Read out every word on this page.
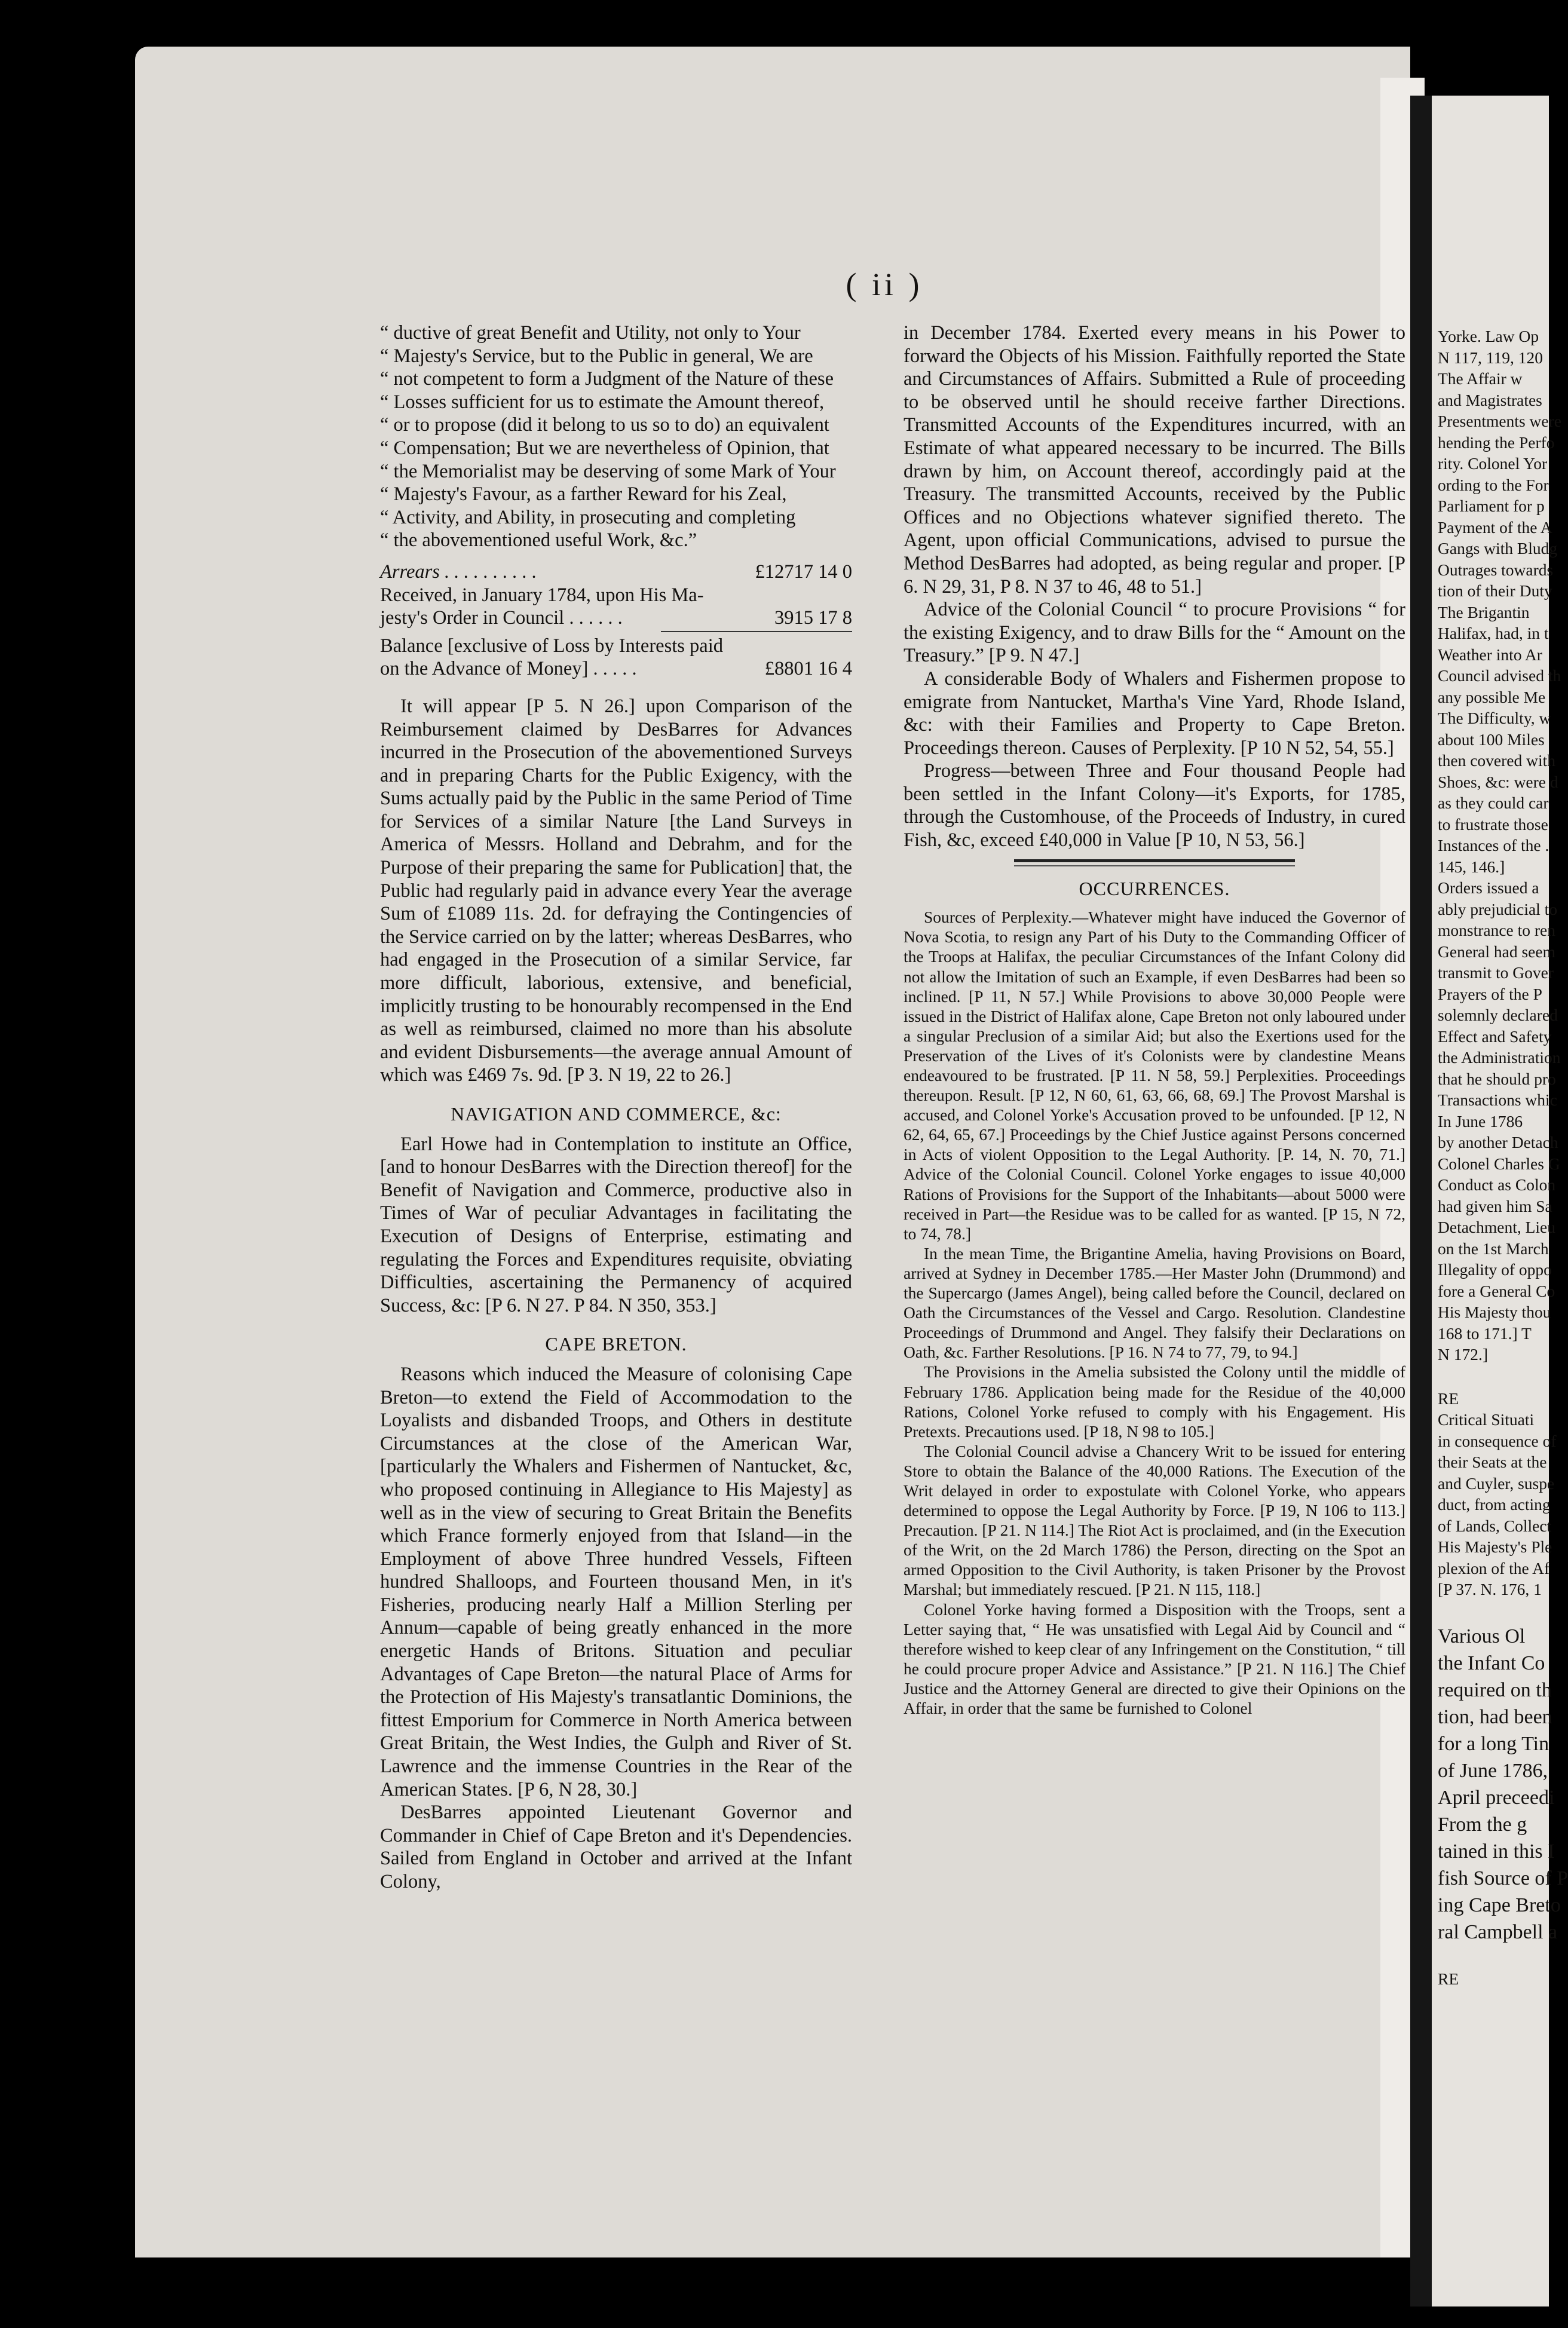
( ii )

“ ductive of great Benefit and Utility, not only to Your

“ Majesty's Service, but to the Public in general, We are

“ not competent to form a Judgment of the Nature of these

“ Losses sufficient for us to estimate the Amount thereof,

“ or to propose (did it belong to us so to do) an equivalent

“ Compensation; But we are nevertheless of Opinion, that

“ the Memorialist may be deserving of some Mark of Your

“ Majesty's Favour, as a farther Reward for his Zeal,

“ Activity, and Ability, in prosecuting and completing

“ the abovementioned useful Work, &c.”

Arrears . . . . . . . . . .	£12717 14 0
Received, in January 1784, upon His Ma-
jesty's Order in Council . . . . . .	3915 17 8
Balance [exclusive of Loss by Interests paid
on the Advance of Money] . . . . .	£8801 16 4

It will appear [P 5. N 26.] upon Comparison of the Reimbursement claimed by DesBarres for Advances incurred in the Prosecution of the abovementioned Surveys and in preparing Charts for the Public Exigency, with the Sums actually paid by the Public in the same Period of Time for Services of a similar Nature [the Land Surveys in America of Messrs. Holland and Debrahm, and for the Purpose of their preparing the same for Publication] that, the Public had regularly paid in advance every Year the average Sum of £1089 11s. 2d. for defraying the Contingencies of the Service carried on by the latter; whereas DesBarres, who had engaged in the Prosecution of a similar Service, far more difficult, laborious, extensive, and beneficial, implicitly trusting to be honourably recompensed in the End as well as reimbursed, claimed no more than his absolute and evident Disbursements—the average annual Amount of which was £469 7s. 9d. [P 3. N 19, 22 to 26.]

NAVIGATION AND COMMERCE, &c:

Earl Howe had in Contemplation to institute an Office, [and to honour DesBarres with the Direction thereof] for the Benefit of Navigation and Commerce, productive also in Times of War of peculiar Advantages in facilitating the Execution of Designs of Enterprise, estimating and regulating the Forces and Expenditures requisite, obviating Difficulties, ascertaining the Permanency of acquired Success, &c: [P 6. N 27. P 84. N 350, 353.]

CAPE BRETON.

Reasons which induced the Measure of colonising Cape Breton—to extend the Field of Accommodation to the Loyalists and disbanded Troops, and Others in destitute Circumstances at the close of the American War, [particularly the Whalers and Fishermen of Nantucket, &c, who proposed continuing in Allegiance to His Majesty] as well as in the view of securing to Great Britain the Benefits which France formerly enjoyed from that Island—in the Employment of above Three hundred Vessels, Fifteen hundred Shalloops, and Fourteen thousand Men, in it's Fisheries, producing nearly Half a Million Sterling per Annum—capable of being greatly enhanced in the more energetic Hands of Britons. Situation and peculiar Advantages of Cape Breton—the natural Place of Arms for the Protection of His Majesty's transatlantic Dominions, the fittest Emporium for Commerce in North America between Great Britain, the West Indies, the Gulph and River of St. Lawrence and the immense Countries in the Rear of the American States. [P 6, N 28, 30.]

DesBarres appointed Lieutenant Governor and Commander in Chief of Cape Breton and it's Dependencies. Sailed from England in October and arrived at the Infant Colony,

in December 1784. Exerted every means in his Power to forward the Objects of his Mission. Faithfully reported the State and Circumstances of Affairs. Submitted a Rule of proceeding to be observed until he should receive farther Directions. Transmitted Accounts of the Expenditures incurred, with an Estimate of what appeared necessary to be incurred. The Bills drawn by him, on Account thereof, accordingly paid at the Treasury. The transmitted Accounts, received by the Public Offices and no Objections whatever signified thereto. The Agent, upon official Communications, advised to pursue the Method DesBarres had adopted, as being regular and proper. [P 6. N 29, 31, P 8. N 37 to 46, 48 to 51.]

Advice of the Colonial Council “ to procure Provisions “ for the existing Exigency, and to draw Bills for the “ Amount on the Treasury.” [P 9. N 47.]

A considerable Body of Whalers and Fishermen propose to emigrate from Nantucket, Martha's Vine Yard, Rhode Island, &c: with their Families and Property to Cape Breton. Proceedings thereon. Causes of Perplexity. [P 10 N 52, 54, 55.]

Progress—between Three and Four thousand People had been settled in the Infant Colony—it's Exports, for 1785, through the Customhouse, of the Proceeds of Industry, in cured Fish, &c, exceed £40,000 in Value [P 10, N 53, 56.]

OCCURRENCES.

Sources of Perplexity.—Whatever might have induced the Governor of Nova Scotia, to resign any Part of his Duty to the Commanding Officer of the Troops at Halifax, the peculiar Circumstances of the Infant Colony did not allow the Imitation of such an Example, if even DesBarres had been so inclined. [P 11, N 57.] While Provisions to above 30,000 People were issued in the District of Halifax alone, Cape Breton not only laboured under a singular Preclusion of a similar Aid; but also the Exertions used for the Preservation of the Lives of it's Colonists were by clandestine Means endeavoured to be frustrated. [P 11. N 58, 59.] Perplexities. Proceedings thereupon. Result. [P 12, N 60, 61, 63, 66, 68, 69.] The Provost Marshal is accused, and Colonel Yorke's Accusation proved to be unfounded. [P 12, N 62, 64, 65, 67.] Proceedings by the Chief Justice against Persons concerned in Acts of violent Opposition to the Legal Authority. [P. 14, N. 70, 71.] Advice of the Colonial Council. Colonel Yorke engages to issue 40,000 Rations of Provisions for the Support of the Inhabitants—about 5000 were received in Part—the Residue was to be called for as wanted. [P 15, N 72, to 74, 78.]

In the mean Time, the Brigantine Amelia, having Provisions on Board, arrived at Sydney in December 1785.—Her Master John (Drummond) and the Supercargo (James Angel), being called before the Council, declared on Oath the Circumstances of the Vessel and Cargo. Resolution. Clandestine Proceedings of Drummond and Angel. They falsify their Declarations on Oath, &c. Farther Resolutions. [P 16. N 74 to 77, 79, to 94.]

The Provisions in the Amelia subsisted the Colony until the middle of February 1786. Application being made for the Residue of the 40,000 Rations, Colonel Yorke refused to comply with his Engagement. His Pretexts. Precautions used. [P 18, N 98 to 105.]

The Colonial Council advise a Chancery Writ to be issued for entering Store to obtain the Balance of the 40,000 Rations. The Execution of the Writ delayed in order to expostulate with Colonel Yorke, who appears determined to oppose the Legal Authority by Force. [P 19, N 106 to 113.] Precaution. [P 21. N 114.] The Riot Act is proclaimed, and (in the Execution of the Writ, on the 2d March 1786) the Person, directing on the Spot an armed Opposition to the Civil Authority, is taken Prisoner by the Provost Marshal; but immediately rescued. [P 21. N 115, 118.]

Colonel Yorke having formed a Disposition with the Troops, sent a Letter saying that, “ He was unsatisfied with Legal Aid by Council and “ therefore wished to keep clear of any Infringement on the Constitution, “ till he could procure proper Advice and Assistance.” [P 21. N 116.] The Chief Justice and the Attorney General are directed to give their Opinions on the Affair, in order that the same be furnished to Colonel

Yorke. Law Op

N 117, 119, 120

The Affair w

and Magistrates

Presentments were

hending the Perfo

rity. Colonel Yor

ording to the For

Parliament for p

Payment of the A

Gangs with Bludg

Outrages towards

tion of their Duty

The Brigantin

Halifax, had, in t

Weather into Ar

Council advised th

any possible Me

The Difficulty, w

about 100 Miles

then covered with

Shoes, &c: were d

as they could car

to frustrate those

Instances of the .

145, 146.]

Orders issued a

ably prejudicial to

monstrance to ren

General had seem

transmit to Gover

Prayers of the P

solemnly declared

Effect and Safety

the Administration

that he should pro

Transactions whic

In June 1786

by another Detach

Colonel Charles G

Conduct as Colon

had given him Sa

Detachment, Lieu

on the 1st March

Illegality of oppo

fore a General Co

His Majesty thou

168 to 171.] T

N 172.]

RE

Critical Situati

in consequence of

their Seats at the

and Cuyler, suspe

duct, from acting

of Lands, Collect

His Majesty's Ple

plexion of the Af

[P 37. N. 176, 1

Various Ol

the Infant Co

required on th

tion, had been

for a long Tin

of June 1786,

April preceedi

From the g

tained in this I

fish Source of P

ing Cape Breto

ral Campbell a

RE
